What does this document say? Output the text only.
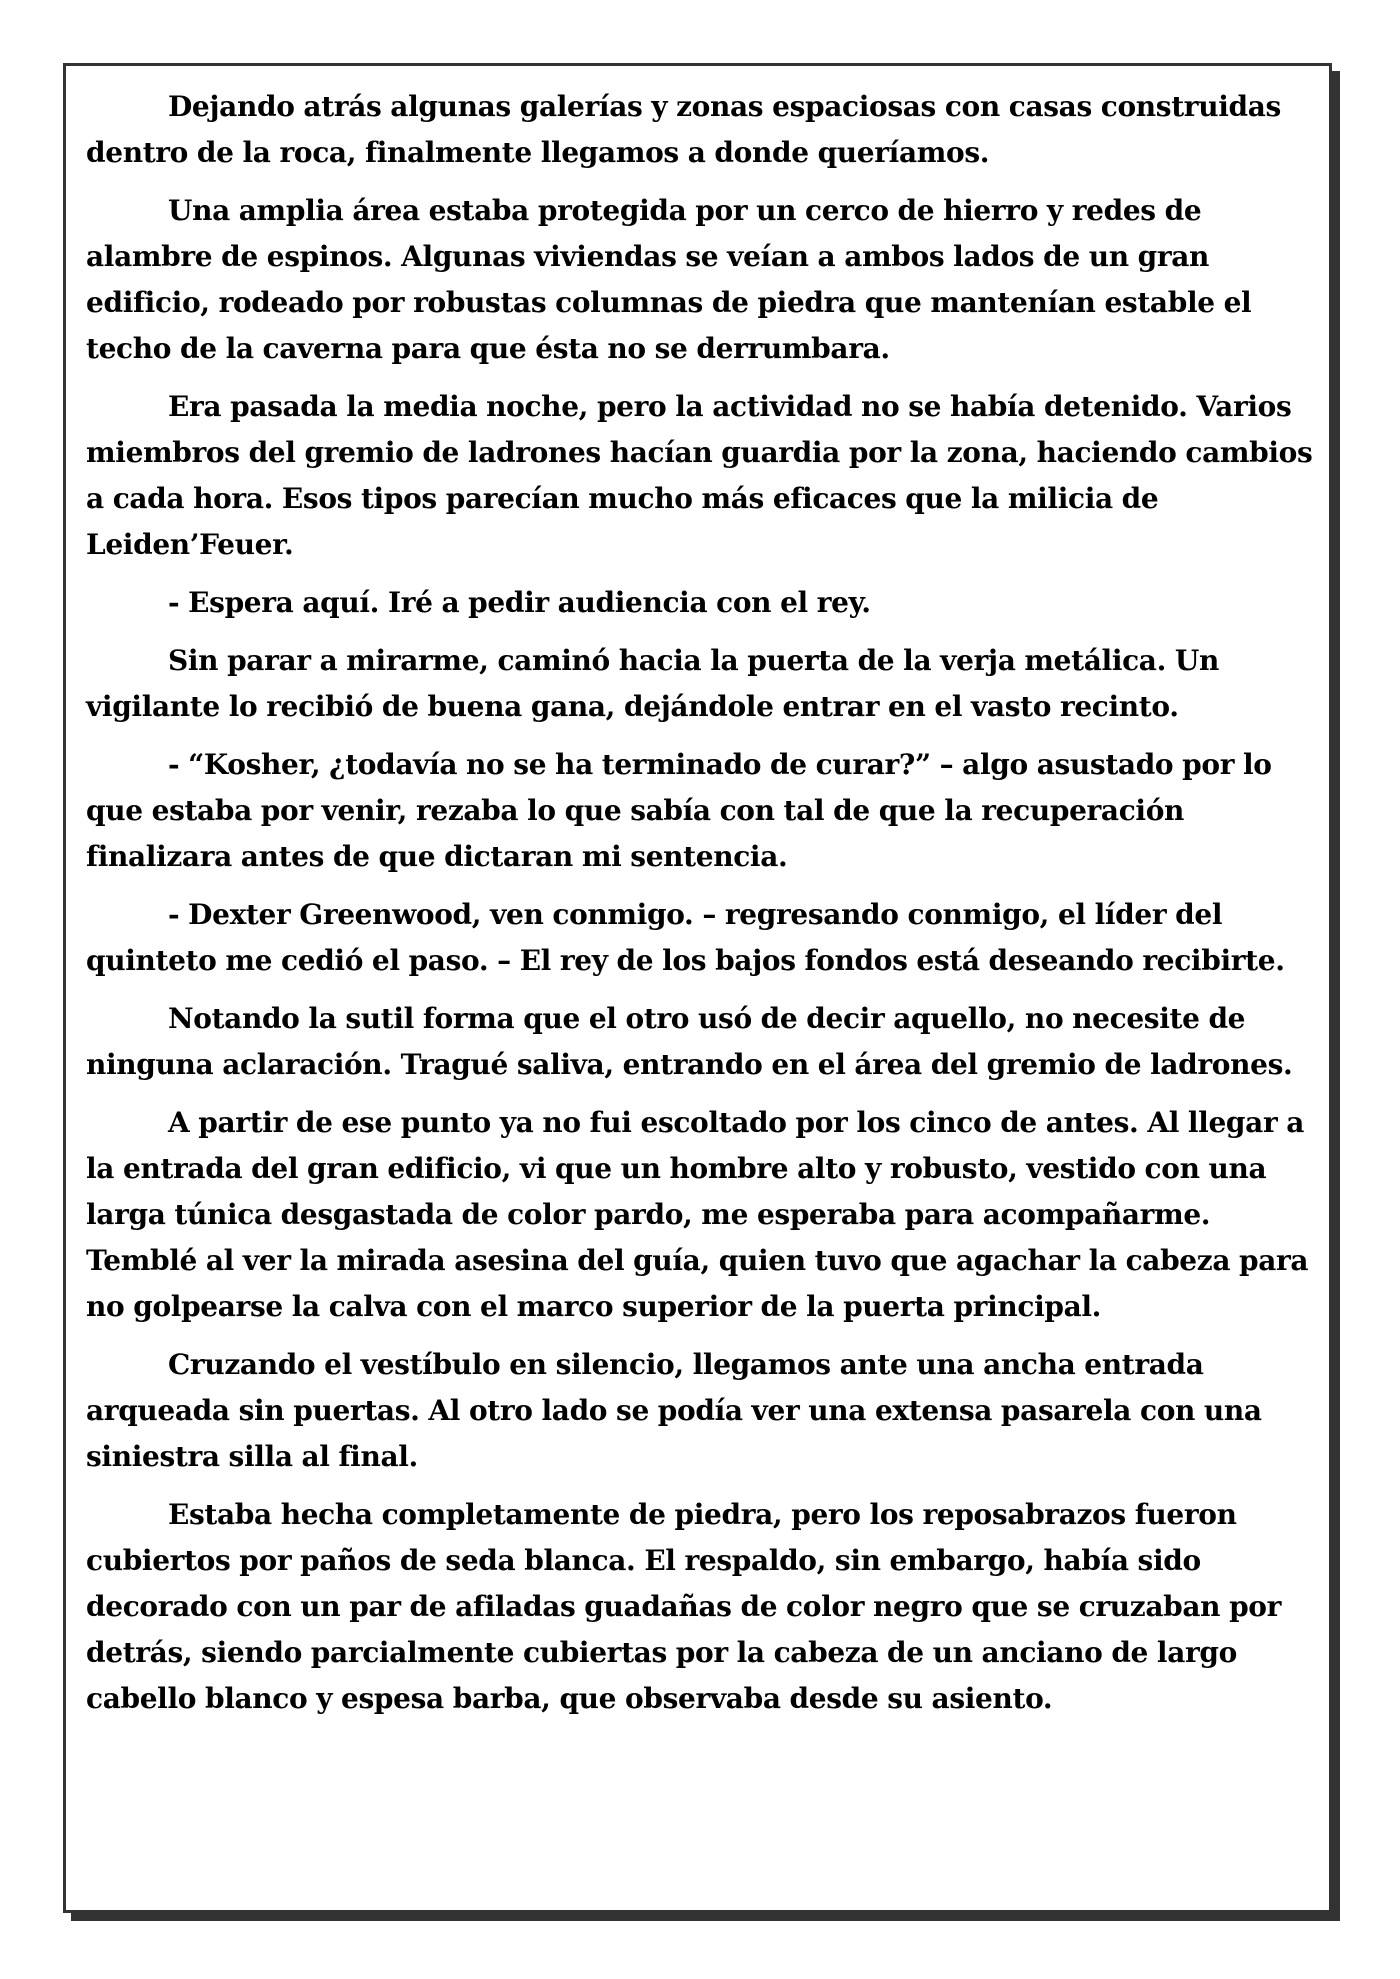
Dejando atrás algunas galerías y zonas espaciosas con casas construidas dentro de la roca, finalmente llegamos a donde queríamos.

Una amplia área estaba protegida por un cerco de hierro y redes de alambre de espinos. Algunas viviendas se veían a ambos lados de un gran edificio, rodeado por robustas columnas de piedra que mantenían estable el techo de la caverna para que ésta no se derrumbara.

Era pasada la media noche, pero la actividad no se había detenido. Varios miembros del gremio de ladrones hacían guardia por la zona, haciendo cambios a cada hora. Esos tipos parecían mucho más eficaces que la milicia de Leiden’Feuer.

- Espera aquí. Iré a pedir audiencia con el rey.

Sin parar a mirarme, caminó hacia la puerta de la verja metálica. Un vigilante lo recibió de buena gana, dejándole entrar en el vasto recinto.

- “Kosher, ¿todavía no se ha terminado de curar?” – algo asustado por lo que estaba por venir, rezaba lo que sabía con tal de que la recuperación finalizara antes de que dictaran mi sentencia.

- Dexter Greenwood, ven conmigo. – regresando conmigo, el líder del quinteto me cedió el paso. – El rey de los bajos fondos está deseando recibirte.

Notando la sutil forma que el otro usó de decir aquello, no necesite de ninguna aclaración. Tragué saliva, entrando en el área del gremio de ladrones.

A partir de ese punto ya no fui escoltado por los cinco de antes. Al llegar a la entrada del gran edificio, vi que un hombre alto y robusto, vestido con una larga túnica desgastada de color pardo, me esperaba para acompañarme. Temblé al ver la mirada asesina del guía, quien tuvo que agachar la cabeza para no golpearse la calva con el marco superior de la puerta principal.

Cruzando el vestíbulo en silencio, llegamos ante una ancha entrada arqueada sin puertas. Al otro lado se podía ver una extensa pasarela con una siniestra silla al final.

Estaba hecha completamente de piedra, pero los reposabrazos fueron cubiertos por paños de seda blanca. El respaldo, sin embargo, había sido decorado con un par de afiladas guadañas de color negro que se cruzaban por detrás, siendo parcialmente cubiertas por la cabeza de un anciano de largo cabello blanco y espesa barba, que observaba desde su asiento.
